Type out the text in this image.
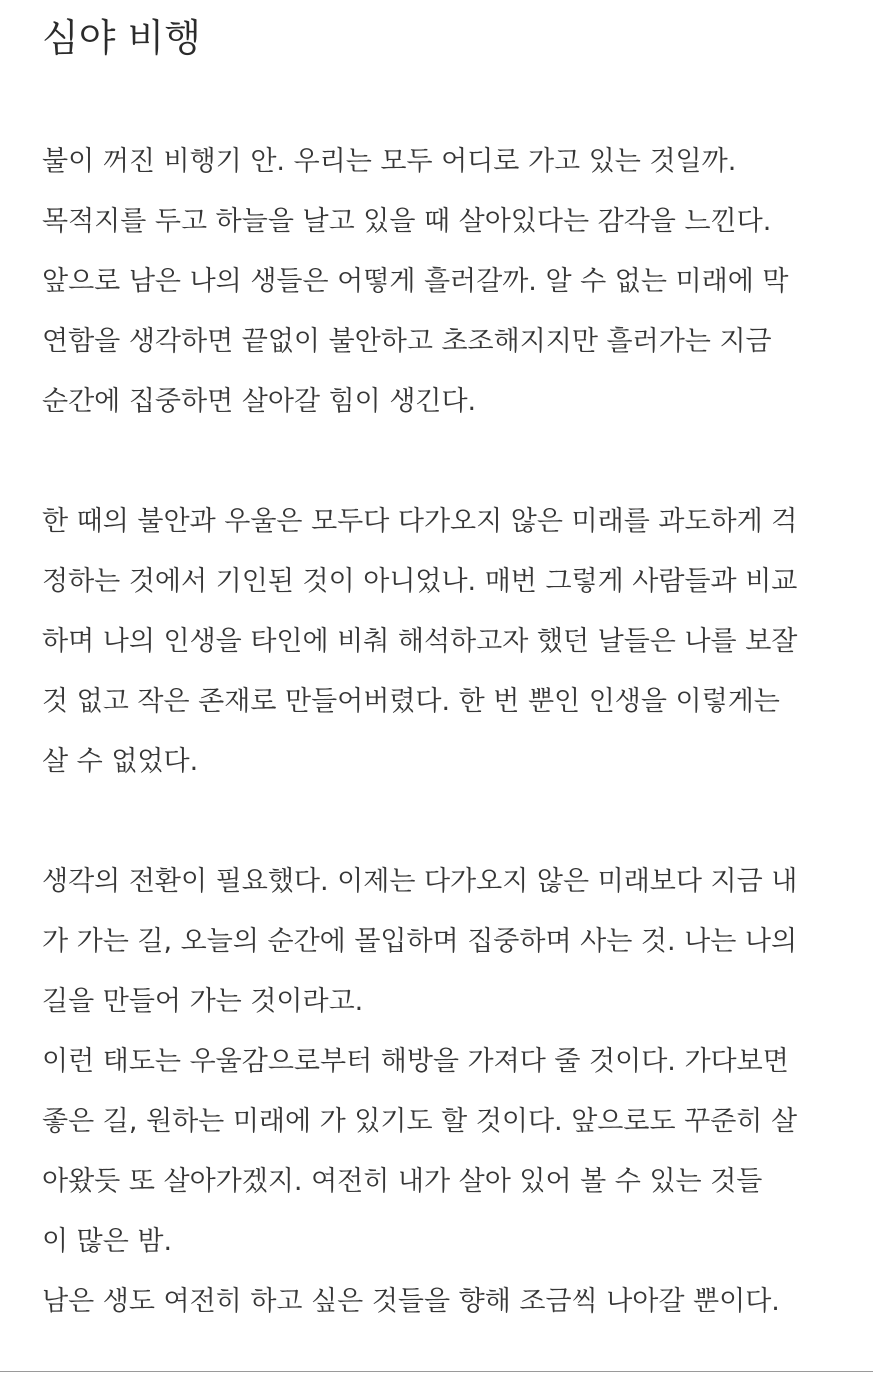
심야 비행
불이 꺼진 비행기 안. 우리는 모두 어디로 가고 있는 것일까.
목적지를 두고 하늘을 날고 있을 때 살아있다는 감각을 느낀다.
앞으로 남은 나의 생들은 어떻게 흘러갈까. 알 수 없는 미래에 막
연함을 생각하면 끝없이 불안하고 초조해지지만 흘러가는 지금
순간에 집중하면 살아갈 힘이 생긴다.
한 때의 불안과 우울은 모두다 다가오지 않은 미래를 과도하게 걱
정하는 것에서 기인된 것이 아니었나. 매번 그렇게 사람들과 비교
하며 나의 인생을 타인에 비춰 해석하고자 했던 날들은 나를 보잘
것 없고 작은 존재로 만들어버렸다. 한 번 뿐인 인생을 이렇게는
살 수 없었다.
생각의 전환이 필요했다. 이제는 다가오지 않은 미래보다 지금 내
가 가는 길, 오늘의 순간에 몰입하며 집중하며 사는 것. 나는 나의
길을 만들어 가는 것이라고.
이런 태도는 우울감으로부터 해방을 가져다 줄 것이다. 가다보면
좋은 길, 원하는 미래에 가 있기도 할 것이다. 앞으로도 꾸준히 살
아왔듯 또 살아가겠지. 여전히 내가 살아 있어 볼 수 있는 것들
이 많은 밤.
남은 생도 여전히 하고 싶은 것들을 향해 조금씩 나아갈 뿐이다.
